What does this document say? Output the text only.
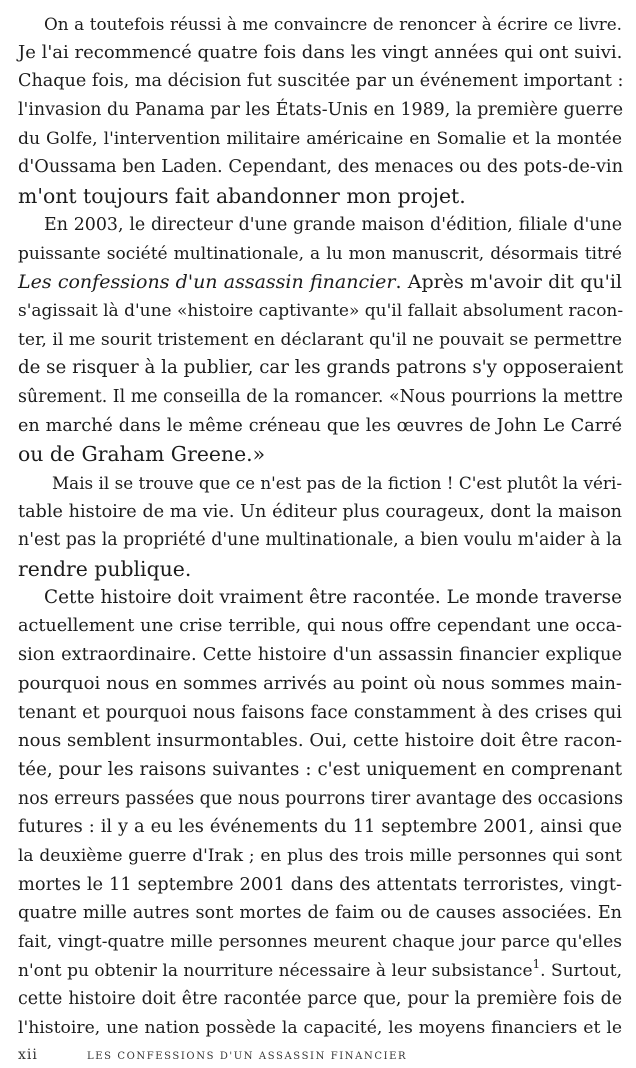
On a toutefois réussi à me convaincre de renoncer à écrire ce livre.
Je l'ai recommencé quatre fois dans les vingt années qui ont suivi.
Chaque fois, ma décision fut suscitée par un événement important :
l'invasion du Panama par les États-Unis en 1989, la première guerre
du Golfe, l'intervention militaire américaine en Somalie et la montée
d'Oussama ben Laden. Cependant, des menaces ou des pots-de-vin
m'ont toujours fait abandonner mon projet.
En 2003, le directeur d'une grande maison d'édition, filiale d'une
puissante société multinationale, a lu mon manuscrit, désormais titré
Les confessions d'un assassin financier. Après m'avoir dit qu'il
s'agissait là d'une «histoire captivante» qu'il fallait absolument racon-
ter, il me sourit tristement en déclarant qu'il ne pouvait se permettre
de se risquer à la publier, car les grands patrons s'y opposeraient
sûrement. Il me conseilla de la romancer. «Nous pourrions la mettre
en marché dans le même créneau que les œuvres de John Le Carré
ou de Graham Greene.»
Mais il se trouve que ce n'est pas de la fiction ! C'est plutôt la véri-
table histoire de ma vie. Un éditeur plus courageux, dont la maison
n'est pas la propriété d'une multinationale, a bien voulu m'aider à la
rendre publique.
Cette histoire doit vraiment être racontée. Le monde traverse
actuellement une crise terrible, qui nous offre cependant une occa-
sion extraordinaire. Cette histoire d'un assassin financier explique
pourquoi nous en sommes arrivés au point où nous sommes main-
tenant et pourquoi nous faisons face constamment à des crises qui
nous semblent insurmontables. Oui, cette histoire doit être racon-
tée, pour les raisons suivantes : c'est uniquement en comprenant
nos erreurs passées que nous pourrons tirer avantage des occasions
futures : il y a eu les événements du 11 septembre 2001, ainsi que
la deuxième guerre d'Irak ; en plus des trois mille personnes qui sont
mortes le 11 septembre 2001 dans des attentats terroristes, vingt-
quatre mille autres sont mortes de faim ou de causes associées. En
fait, vingt-quatre mille personnes meurent chaque jour parce qu'elles
n'ont pu obtenir la nourriture nécessaire à leur subsistance$^1$. Surtout,
cette histoire doit être racontée parce que, pour la première fois de
l'histoire, une nation possède la capacité, les moyens financiers et le
xii	LES CONFESSIONS D'UN ASSASSIN FINANCIER
